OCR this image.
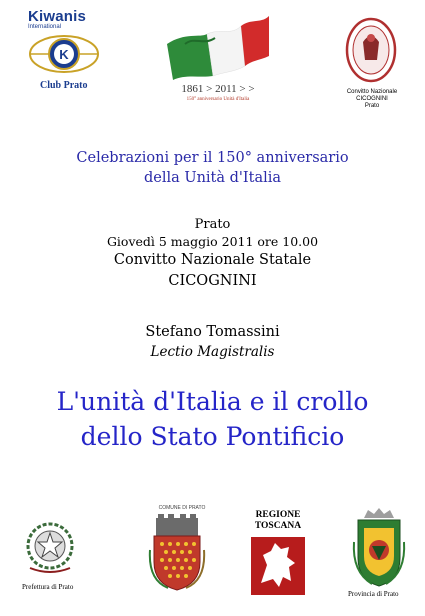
Kiwanis
International
K
Club Prato	1861 > 2011 > >
150° anniversario Unità d'Italia
Convitto Nazionale
CICOGNINI
Prato
Celebrazioni per il 150° anniversario
della Unità d'Italia
Prato
Giovedì 5 maggio 2011 ore 10.00
Convitto Nazionale Statale
CICOGNINI
Stefano Tomassini
Lectio Magistralis
L'unità d'Italia e il crollo
dello Stato Pontificio
Prefettura di Prato
COMUNE DI PRATO
REGIONE
TOSCANA
Provincia di Prato
